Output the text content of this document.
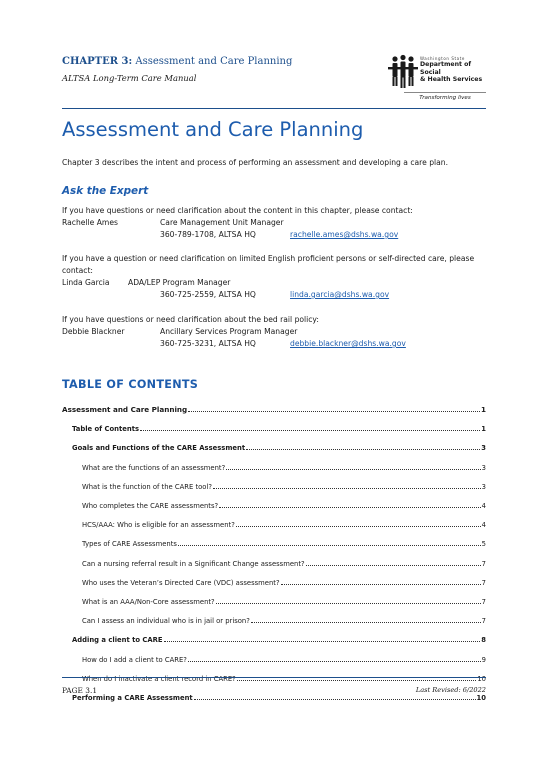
CHAPTER 3: Assessment and Care Planning
ALTSA Long-Term Care Manual
Washington State
Department of Social
& Health Services
Transforming lives
Assessment and Care Planning
Chapter 3 describes the intent and process of performing an assessment and developing a care plan.
Ask the Expert
If you have questions or need clarification about the content in this chapter, please contact:
Rachelle Ames	Care Management Unit Manager
360-789-1708, ALTSA HQ	rachelle.ames@dshs.wa.gov
If you have a question or need clarification on limited English proficient persons or self-directed care, please contact:
Linda Garcia ADA/LEP Program Manager
360-725-2559, ALTSA HQ	linda.garcia@dshs.wa.gov
If you have questions or need clarification about the bed rail policy:
Debbie Blackner	Ancillary Services Program Manager
360-725-3231, ALTSA HQ	debbie.blackner@dshs.wa.gov
TABLE OF CONTENTS
Assessment and Care Planning	1
Table of Contents	1
Goals and Functions of the CARE Assessment	3
What are the functions of an assessment?	3
What is the function of the CARE tool?	3
Who completes the CARE assessments?	4
HCS/AAA: Who is eligible for an assessment?	4
Types of CARE Assessments	5
Can a nursing referral result in a Significant Change assessment?	7
Who uses the Veteran’s Directed Care (VDC) assessment?	7
What is an AAA/Non-Core assessment?	7
Can I assess an individual who is in jail or prison?	7
Adding a client to CARE	8
How do I add a client to CARE?	9
When do I inactivate a client record in CARE?	10
Performing a CARE Assessment	10
PAGE 3.1	Last Revised: 6/2022
